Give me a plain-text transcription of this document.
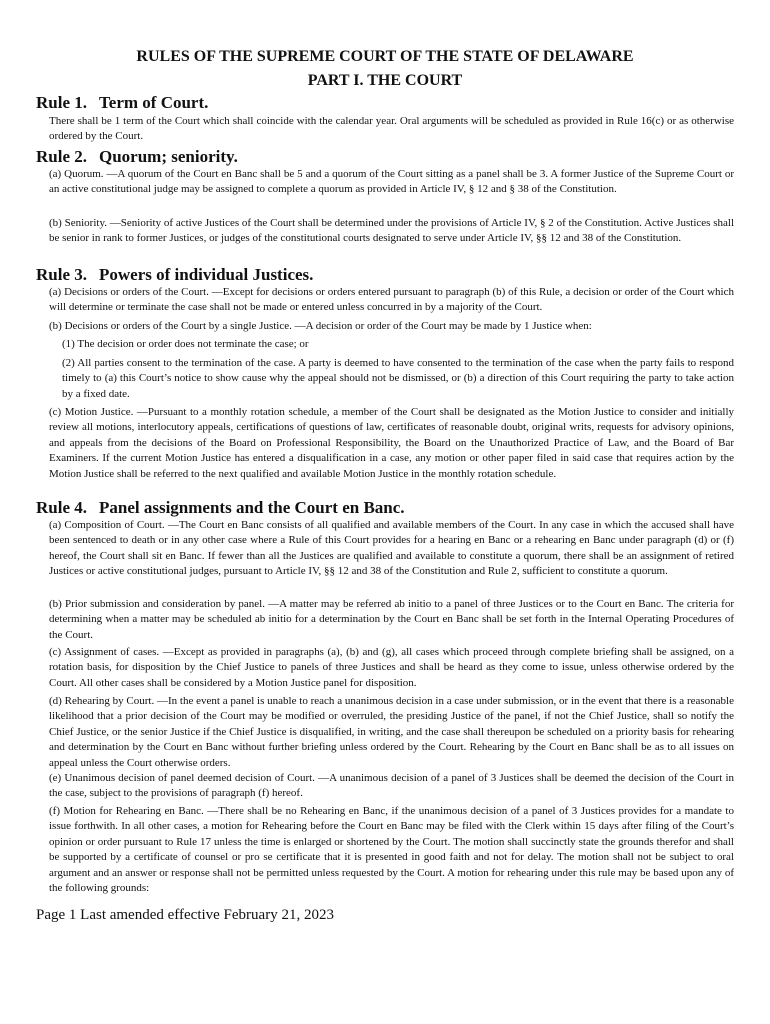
RULES OF THE SUPREME COURT OF THE STATE OF DELAWARE
PART I. THE COURT
Rule 1. Term of Court.

There shall be 1 term of the Court which shall coincide with the calendar year. Oral arguments will be scheduled as provided in Rule 16(c) or as otherwise ordered by the Court.

Rule 2. Quorum; seniority.

(a) Quorum. —A quorum of the Court en Banc shall be 5 and a quorum of the Court sitting as a panel shall be 3. A former Justice of the Supreme Court or an active constitutional judge may be assigned to complete a quorum as provided in Article IV, § 12 and § 38 of the Constitution.

(b) Seniority. —Seniority of active Justices of the Court shall be determined under the provisions of Article IV, § 2 of the Constitution. Active Justices shall be senior in rank to former Justices, or judges of the constitutional courts designated to serve under Article IV, §§ 12 and 38 of the Constitution.

Rule 3. Powers of individual Justices.

(a) Decisions or orders of the Court. —Except for decisions or orders entered pursuant to paragraph (b) of this Rule, a decision or order of the Court which will determine or terminate the case shall not be made or entered unless concurred in by a majority of the Court.

(b) Decisions or orders of the Court by a single Justice. —A decision or order of the Court may be made by 1 Justice when:

(1) The decision or order does not terminate the case; or

(2) All parties consent to the termination of the case. A party is deemed to have consented to the termination of the case when the party fails to respond timely to (a) this Court’s notice to show cause why the appeal should not be dismissed, or (b) a direction of this Court requiring the party to take action by a fixed date.

(c) Motion Justice. —Pursuant to a monthly rotation schedule, a member of the Court shall be designated as the Motion Justice to consider and initially review all motions, interlocutory appeals, certifications of questions of law, certificates of reasonable doubt, original writs, requests for advisory opinions, and appeals from the decisions of the Board on Professional Responsibility, the Board on the Unauthorized Practice of Law, and the Board of Bar Examiners. If the current Motion Justice has entered a disqualification in a case, any motion or other paper filed in said case that requires action by the Motion Justice shall be referred to the next qualified and available Motion Justice in the monthly rotation schedule.

Rule 4. Panel assignments and the Court en Banc.

(a) Composition of Court. —The Court en Banc consists of all qualified and available members of the Court. In any case in which the accused shall have been sentenced to death or in any other case where a Rule of this Court provides for a hearing en Banc or a rehearing en Banc under paragraph (d) or (f) hereof, the Court shall sit en Banc. If fewer than all the Justices are qualified and available to constitute a quorum, there shall be an assignment of retired Justices or active constitutional judges, pursuant to Article IV, §§ 12 and 38 of the Constitution and Rule 2, sufficient to constitute a quorum.

(b) Prior submission and consideration by panel. —A matter may be referred ab initio to a panel of three Justices or to the Court en Banc. The criteria for determining when a matter may be scheduled ab initio for a determination by the Court en Banc shall be set forth in the Internal Operating Procedures of the Court.

(c) Assignment of cases. —Except as provided in paragraphs (a), (b) and (g), all cases which proceed through complete briefing shall be assigned, on a rotation basis, for disposition by the Chief Justice to panels of three Justices and shall be heard as they come to issue, unless otherwise ordered by the Court. All other cases shall be considered by a Motion Justice panel for disposition.

(d) Rehearing by Court. —In the event a panel is unable to reach a unanimous decision in a case under submission, or in the event that there is a reasonable likelihood that a prior decision of the Court may be modified or overruled, the presiding Justice of the panel, if not the Chief Justice, shall so notify the Chief Justice, or the senior Justice if the Chief Justice is disqualified, in writing, and the case shall thereupon be scheduled on a priority basis for rehearing and determination by the Court en Banc without further briefing unless ordered by the Court. Rehearing by the Court en Banc shall be as to all issues on appeal unless the Court otherwise orders.

(e) Unanimous decision of panel deemed decision of Court. —A unanimous decision of a panel of 3 Justices shall be deemed the decision of the Court in the case, subject to the provisions of paragraph (f) hereof.

(f) Motion for Rehearing en Banc. —There shall be no Rehearing en Banc, if the unanimous decision of a panel of 3 Justices provides for a mandate to issue forthwith. In all other cases, a motion for Rehearing before the Court en Banc may be filed with the Clerk within 15 days after filing of the Court’s opinion or order pursuant to Rule 17 unless the time is enlarged or shortened by the Court. The motion shall succinctly state the grounds therefor and shall be supported by a certificate of counsel or pro se certificate that it is presented in good faith and not for delay. The motion shall not be subject to oral argument and an answer or response shall not be permitted unless requested by the Court. A motion for rehearing under this rule may be based upon any of the following grounds:

Page 1 Last amended effective February 21, 2023
